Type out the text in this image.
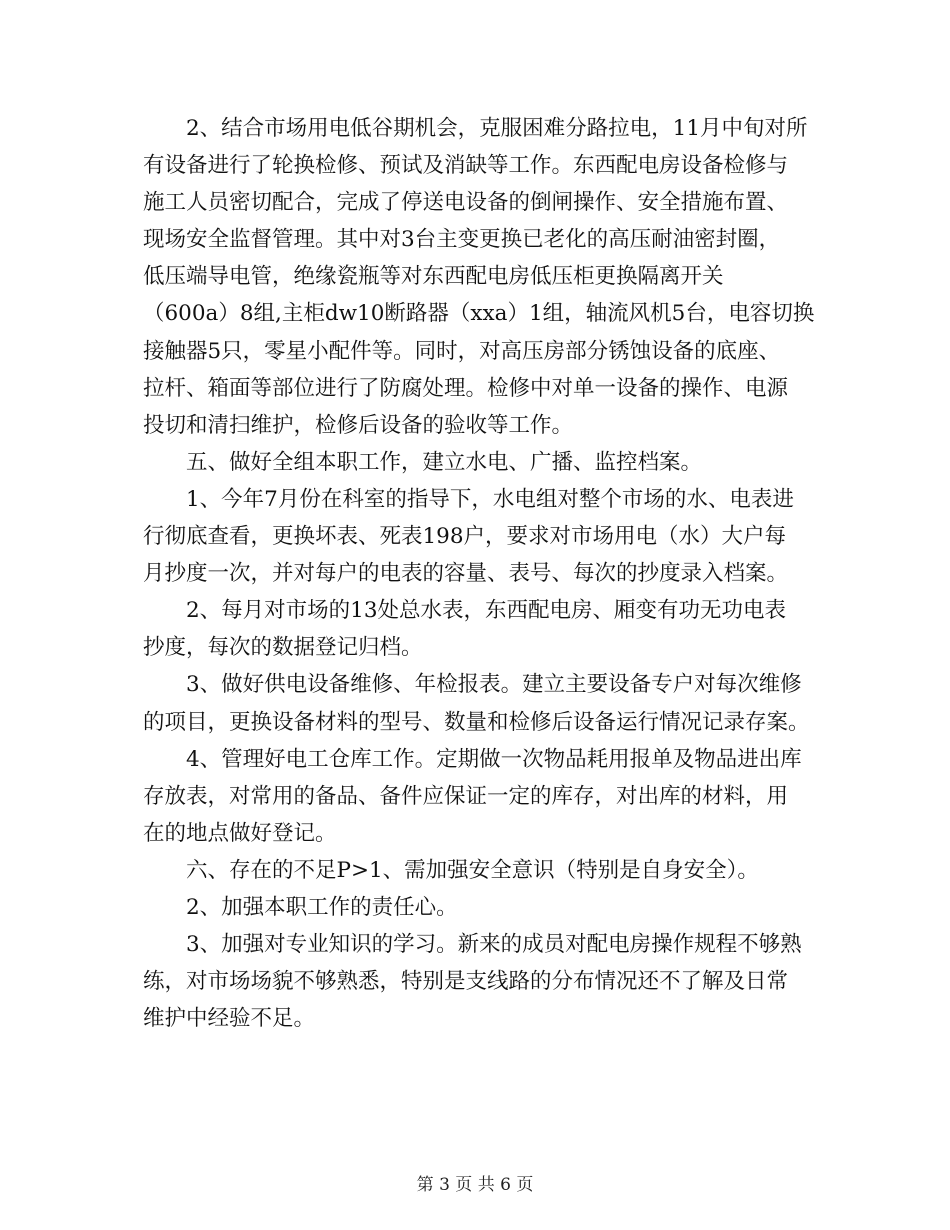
　　2、结合市场用电低谷期机会，克服困难分路拉电，11月中旬对所
有设备进行了轮换检修、预试及消缺等工作。东西配电房设备检修与
施工人员密切配合，完成了停送电设备的倒闸操作、安全措施布置、
现场安全监督管理。其中对3台主变更换已老化的高压耐油密封圈，
低压端导电管，绝缘瓷瓶等对东西配电房低压柜更换隔离开关
（600a）8组,主柜dw10断路器（xxa）1组，轴流风机5台，电容切换
接触器5只，零星小配件等。同时，对高压房部分锈蚀设备的底座、
拉杆、箱面等部位进行了防腐处理。检修中对单一设备的操作、电源
投切和清扫维护，检修后设备的验收等工作。
　　五、做好全组本职工作，建立水电、广播、监控档案。
　　1、今年7月份在科室的指导下，水电组对整个市场的水、电表进
行彻底查看，更换坏表、死表198户，要求对市场用电（水）大户每
月抄度一次，并对每户的电表的容量、表号、每次的抄度录入档案。
　　2、每月对市场的13处总水表，东西配电房、厢变有功无功电表
抄度，每次的数据登记归档。
　　3、做好供电设备维修、年检报表。建立主要设备专户对每次维修
的项目，更换设备材料的型号、数量和检修后设备运行情况记录存案。
　　4、管理好电工仓库工作。定期做一次物品耗用报单及物品进出库
存放表，对常用的备品、备件应保证一定的库存，对出库的材料，用
在的地点做好登记。
　　六、存在的不足P>1、需加强安全意识（特别是自身安全）。
　　2、加强本职工作的责任心。
　　3、加强对专业知识的学习。新来的成员对配电房操作规程不够熟
练，对市场场貌不够熟悉，特别是支线路的分布情况还不了解及日常
维护中经验不足。
第 3 页 共 6 页
